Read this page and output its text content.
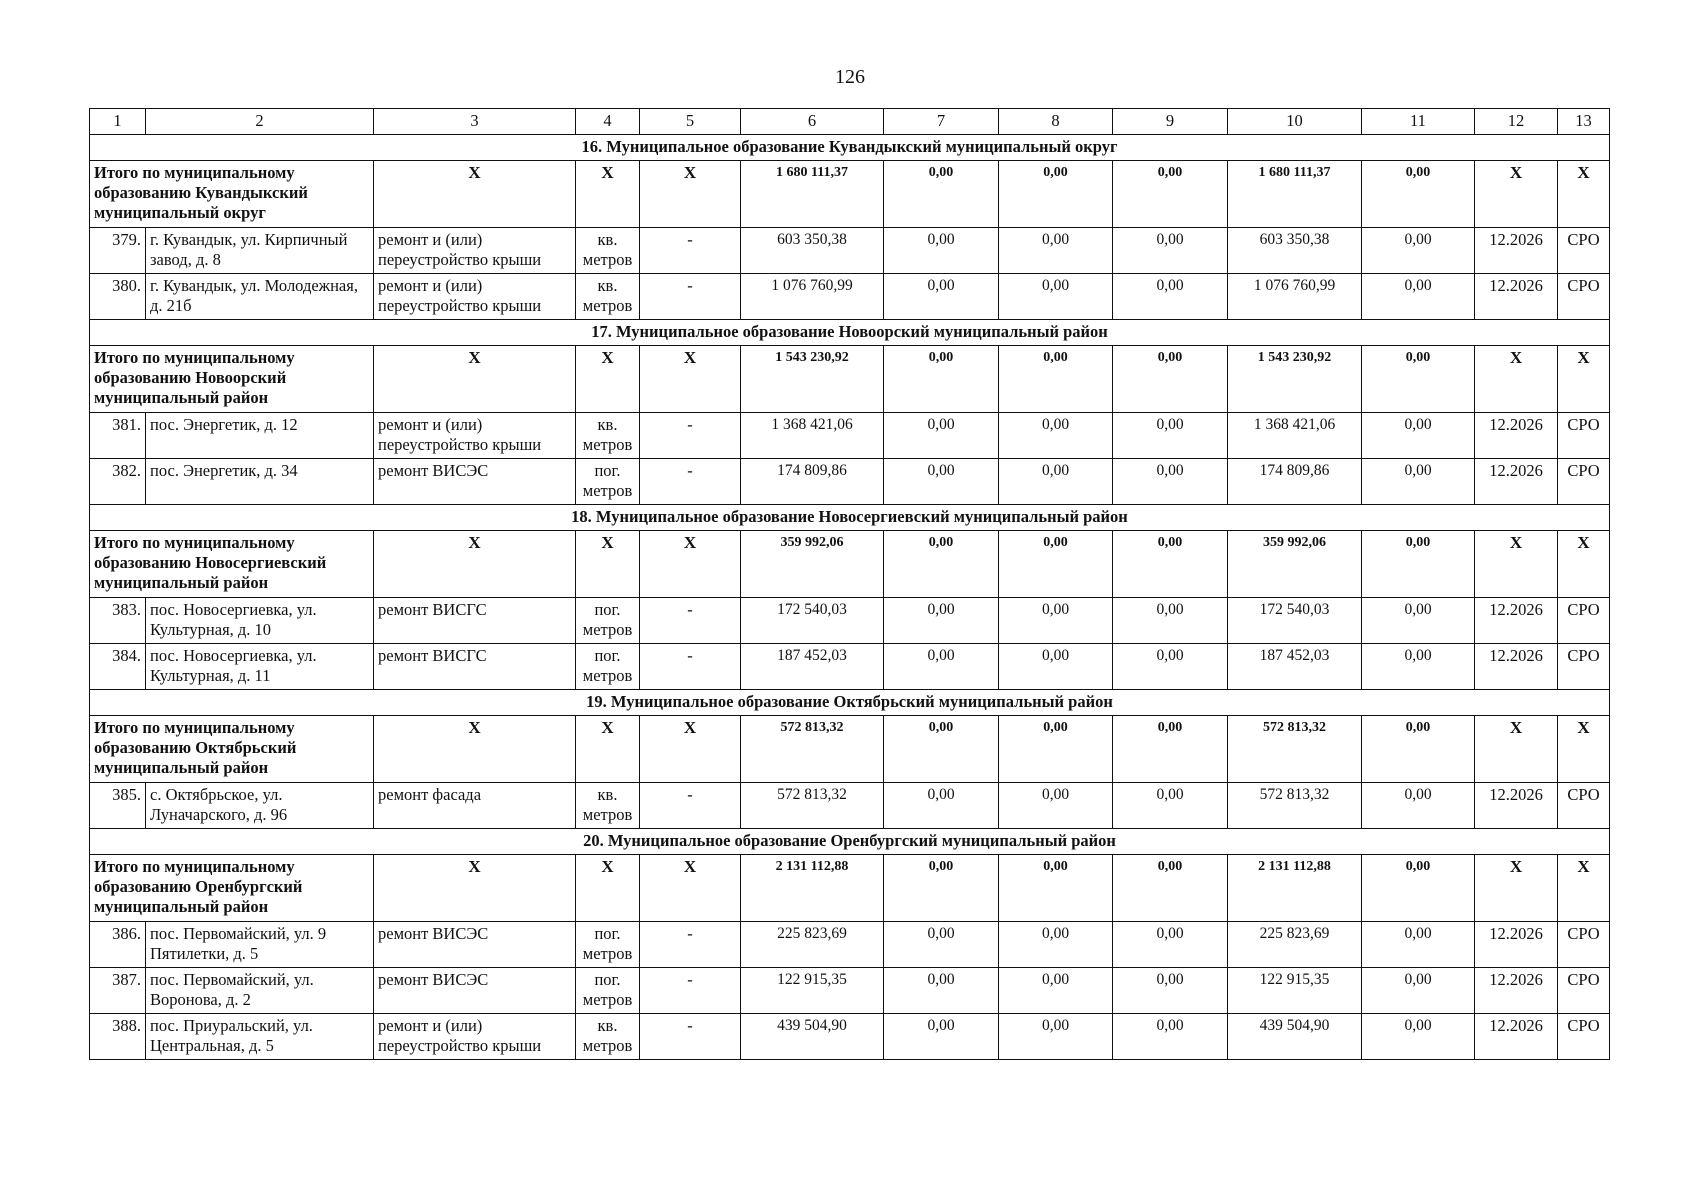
126
1	2	3	4	5	6	7	8	9	10	11	12	13
16. Муниципальное образование Кувандыкский муниципальный округ												
Итого по муниципальному образованию Кувандыкский муниципальный округ		X	X	X	1 680 111,37	0,00	0,00	0,00	1 680 111,37	0,00	X	X
379.	г. Кувандык, ул. Кирпичный завод, д. 8	ремонт и (или) переустройство крыши	кв. метров	-	603 350,38	0,00	0,00	0,00	603 350,38	0,00	12.2026	СРО
380.	г. Кувандык, ул. Молодежная, д. 21б	ремонт и (или) переустройство крыши	кв. метров	-	1 076 760,99	0,00	0,00	0,00	1 076 760,99	0,00	12.2026	СРО
17. Муниципальное образование Новоорский муниципальный район												
Итого по муниципальному образованию Новоорский муниципальный район		X	X	X	1 543 230,92	0,00	0,00	0,00	1 543 230,92	0,00	X	X
381.	пос. Энергетик, д. 12	ремонт и (или) переустройство крыши	кв. метров	-	1 368 421,06	0,00	0,00	0,00	1 368 421,06	0,00	12.2026	СРО
382.	пос. Энергетик, д. 34	ремонт ВИСЭС	пог. метров	-	174 809,86	0,00	0,00	0,00	174 809,86	0,00	12.2026	СРО
18. Муниципальное образование Новосергиевский муниципальный район												
Итого по муниципальному образованию Новосергиевский муниципальный район		X	X	X	359 992,06	0,00	0,00	0,00	359 992,06	0,00	X	X
383.	пос. Новосергиевка, ул. Культурная, д. 10	ремонт ВИСГС	пог. метров	-	172 540,03	0,00	0,00	0,00	172 540,03	0,00	12.2026	СРО
384.	пос. Новосергиевка, ул. Культурная, д. 11	ремонт ВИСГС	пог. метров	-	187 452,03	0,00	0,00	0,00	187 452,03	0,00	12.2026	СРО
19. Муниципальное образование Октябрьский муниципальный район												
Итого по муниципальному образованию Октябрьский муниципальный район		X	X	X	572 813,32	0,00	0,00	0,00	572 813,32	0,00	X	X
385.	с. Октябрьское, ул. Луначарского, д. 96	ремонт фасада	кв. метров	-	572 813,32	0,00	0,00	0,00	572 813,32	0,00	12.2026	СРО
20. Муниципальное образование Оренбургский муниципальный район												
Итого по муниципальному образованию Оренбургский муниципальный район		X	X	X	2 131 112,88	0,00	0,00	0,00	2 131 112,88	0,00	X	X
386.	пос. Первомайский, ул. 9 Пятилетки, д. 5	ремонт ВИСЭС	пог. метров	-	225 823,69	0,00	0,00	0,00	225 823,69	0,00	12.2026	СРО
387.	пос. Первомайский, ул. Воронова, д. 2	ремонт ВИСЭС	пог. метров	-	122 915,35	0,00	0,00	0,00	122 915,35	0,00	12.2026	СРО
388.	пос. Приуральский, ул. Центральная, д. 5	ремонт и (или) переустройство крыши	кв. метров	-	439 504,90	0,00	0,00	0,00	439 504,90	0,00	12.2026	СРО
